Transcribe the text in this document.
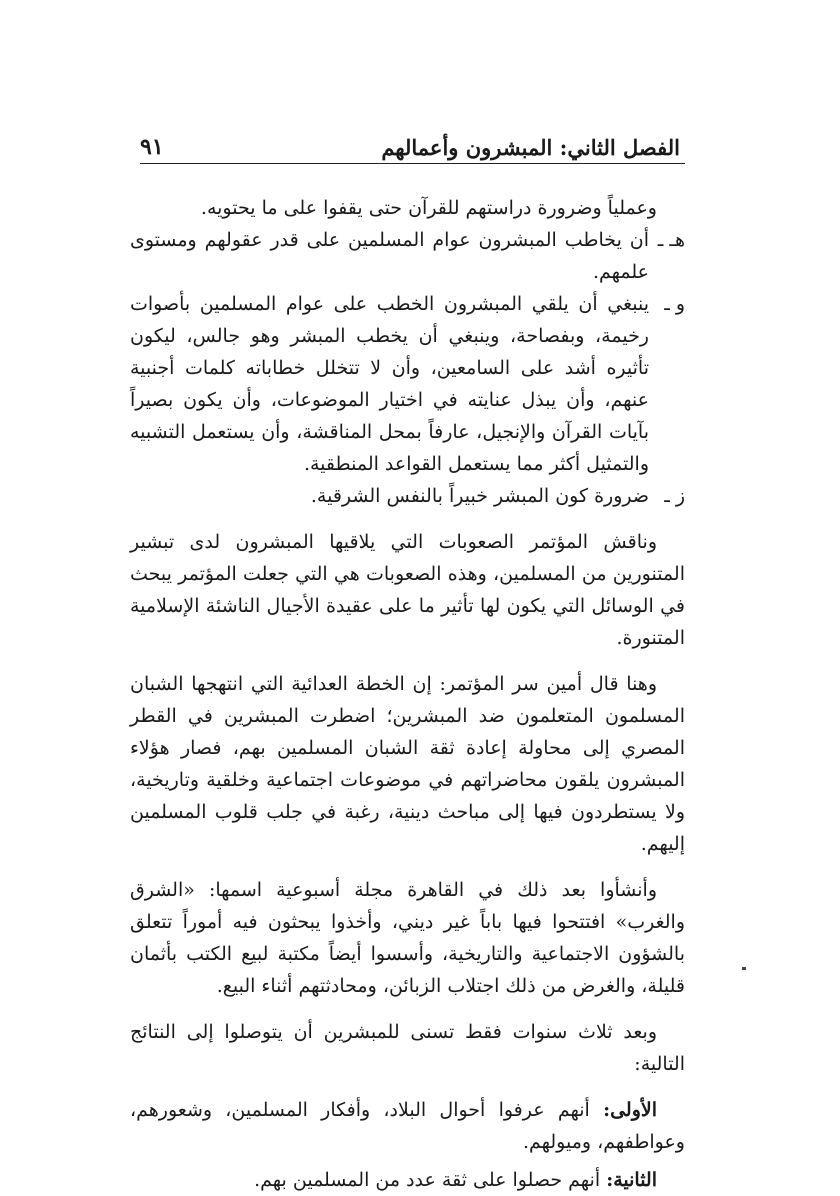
الفصل الثاني: المبشرون وأعمالهم
٩١

وعملياً وضرورة دراستهم للقرآن حتى يقفوا على ما يحتويه.

هـ ـ
أن يخاطب المبشرون عوام المسلمين على قدر عقولهم ومستوى علمهم.
و ـ
ينبغي أن يلقي المبشرون الخطب على عوام المسلمين بأصوات رخيمة، وبفصاحة، وينبغي أن يخطب المبشر وهو جالس، ليكون تأثيره أشد على السامعين، وأن لا تتخلل خطاباته كلمات أجنبية عنهم، وأن يبذل عنايته في اختيار الموضوعات، وأن يكون بصيراً بآيات القرآن والإنجيل، عارفاً بمحل المناقشة، وأن يستعمل التشبيه والتمثيل أكثر مما يستعمل القواعد المنطقية.
ز ـ
ضرورة كون المبشر خبيراً بالنفس الشرقية.

وناقش المؤتمر الصعوبات التي يلاقيها المبشرون لدى تبشير المتنورين من المسلمين، وهذه الصعوبات هي التي جعلت المؤتمر يبحث في الوسائل التي يكون لها تأثير ما على عقيدة الأجيال الناشئة الإسلامية المتنورة.

وهنا قال أمين سر المؤتمر: إن الخطة العدائية التي انتهجها الشبان المسلمون المتعلمون ضد المبشرين؛ اضطرت المبشرين في القطر المصري إلى محاولة إعادة ثقة الشبان المسلمين بهم، فصار هؤلاء المبشرون يلقون محاضراتهم في موضوعات اجتماعية وخلقية وتاريخية، ولا يستطردون فيها إلى مباحث دينية، رغبة في جلب قلوب المسلمين إليهم.

وأنشأوا بعد ذلك في القاهرة مجلة أسبوعية اسمها: «الشرق والغرب» افتتحوا فيها باباً غير ديني، وأخذوا يبحثون فيه أموراً تتعلق بالشؤون الاجتماعية والتاريخية، وأسسوا أيضاً مكتبة لبيع الكتب بأثمان قليلة، والغرض من ذلك اجتلاب الزبائن، ومحادثتهم أثناء البيع.

وبعد ثلاث سنوات فقط تسنى للمبشرين أن يتوصلوا إلى النتائج التالية:

الأولى: أنهم عرفوا أحوال البلاد، وأفكار المسلمين، وشعورهم، وعواطفهم، وميولهم.

الثانية: أنهم حصلوا على ثقة عدد من المسلمين بهم.
